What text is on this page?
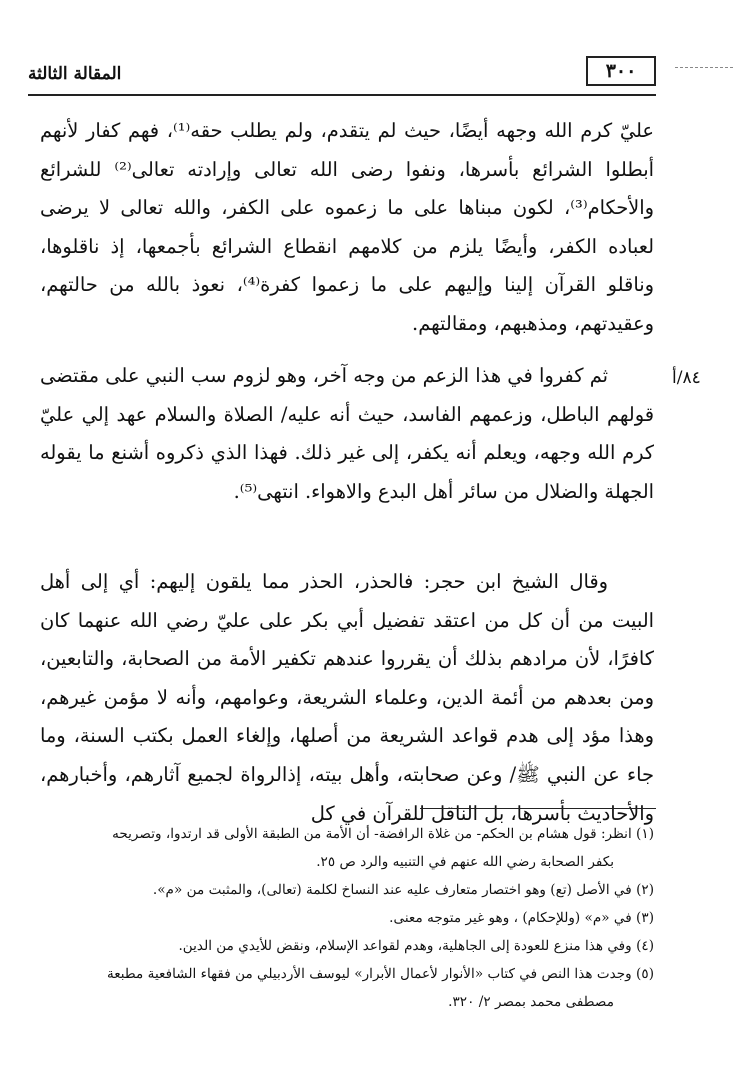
المقالة الثالثة	٣٠٠
٨٤/أ

عليّ كرم الله وجهه أيضًا، حيث لم يتقدم، ولم يطلب حقه⁽¹⁾، فهم كفار لأنهم أبطلوا الشرائع بأسرها، ونفوا رضى الله تعالى وإرادته تعالى⁽²⁾ للشرائع والأحكام⁽³⁾، لكون مبناها على ما زعموه على الكفر، والله تعالى لا يرضى لعباده الكفر، وأيضًا يلزم من كلامهم انقطاع الشرائع بأجمعها، إذ ناقلوها، وناقلو القرآن إلينا وإليهم على ما زعموا كفرة⁽⁴⁾، نعوذ بالله من حالتهم، وعقيدتهم، ومذهبهم، ومقالتهم.

ثم كفروا في هذا الزعم من وجه آخر، وهو لزوم سب النبي على مقتضى قولهم الباطل، وزعمهم الفاسد، حيث أنه عليه/ الصلاة والسلام عهد إلي عليّ كرم الله وجهه، ويعلم أنه يكفر، إلى غير ذلك. فهذا الذي ذكروه أشنع ما يقوله الجهلة والضلال من سائر أهل البدع والاهواء. انتهى⁽⁵⁾.

وقال الشيخ ابن حجر: فالحذر، الحذر مما يلقون إليهم: أي إلى أهل البيت من أن كل من اعتقد تفضيل أبي بكر على عليّ رضي الله عنهما كان كافرًا، لأن مرادهم بذلك أن يقرروا عندهم تكفير الأمة من الصحابة، والتابعين، ومن بعدهم من أئمة الدين، وعلماء الشريعة، وعوامهم، وأنه لا مؤمن غيرهم، وهذا مؤد إلى هدم قواعد الشريعة من أصلها، وإلغاء العمل بكتب السنة، وما جاء عن النبي ﷺ/ وعن صحابته، وأهل بيته، إذالرواة لجميع آثارهم، وأخبارهم، والأحاديث بأسرها، بل الناقل للقرآن في كل

(١) انظر: قول هشام بن الحكم- من غلاة الرافضة- أن الأمة من الطبقة الأولى قد ارتدوا، وتصريحه

بكفر الصحابة رضي الله عنهم في التنبيه والرد ص ٢٥.

(٢) في الأصل (تع) وهو اختصار متعارف عليه عند النساخ لكلمة (تعالى)، والمثبت من «م».

(٣) في «م» (وللإحكام) ، وهو غير متوجه معنى.

(٤) وفي هذا منزع للعودة إلى الجاهلية، وهدم لقواعد الإسلام، ونقض للأيدي من الدين.

(٥) وجدت هذا النص في كتاب «الأنوار لأعمال الأبرار» ليوسف الأردبيلي من فقهاء الشافعية مطبعة

مصطفى محمد بمصر ٢/ ٣٢٠.
